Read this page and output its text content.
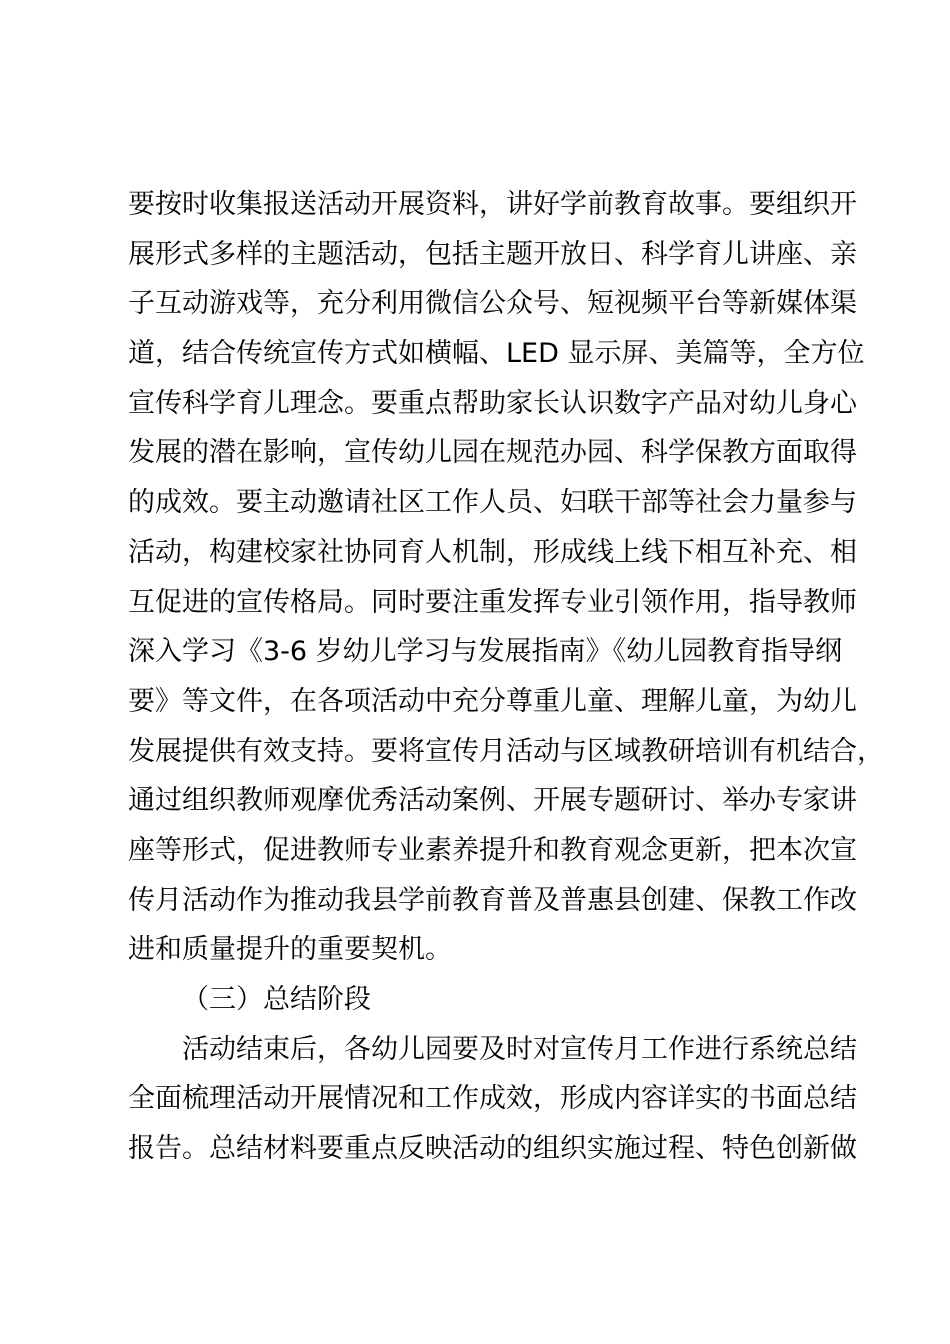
要按时收集报送活动开展资料，讲好学前教育故事。要组织开
展形式多样的主题活动，包括主题开放日、科学育儿讲座、亲
子互动游戏等，充分利用微信公众号、短视频平台等新媒体渠
道，结合传统宣传方式如横幅、LED 显示屏、美篇等，全方位
宣传科学育儿理念。要重点帮助家长认识数字产品对幼儿身心
发展的潜在影响，宣传幼儿园在规范办园、科学保教方面取得
的成效。要主动邀请社区工作人员、妇联干部等社会力量参与
活动，构建校家社协同育人机制，形成线上线下相互补充、相
互促进的宣传格局。同时要注重发挥专业引领作用，指导教师
深入学习《3-6 岁幼儿学习与发展指南》《幼儿园教育指导纲
要》等文件，在各项活动中充分尊重儿童、理解儿童，为幼儿
发展提供有效支持。要将宣传月活动与区域教研培训有机结合，
通过组织教师观摩优秀活动案例、开展专题研讨、举办专家讲
座等形式，促进教师专业素养提升和教育观念更新，把本次宣
传月活动作为推动我县学前教育普及普惠县创建、保教工作改
进和质量提升的重要契机。
（三）总结阶段
活动结束后，各幼儿园要及时对宣传月工作进行系统总结
全面梳理活动开展情况和工作成效，形成内容详实的书面总结
报告。总结材料要重点反映活动的组织实施过程、特色创新做
